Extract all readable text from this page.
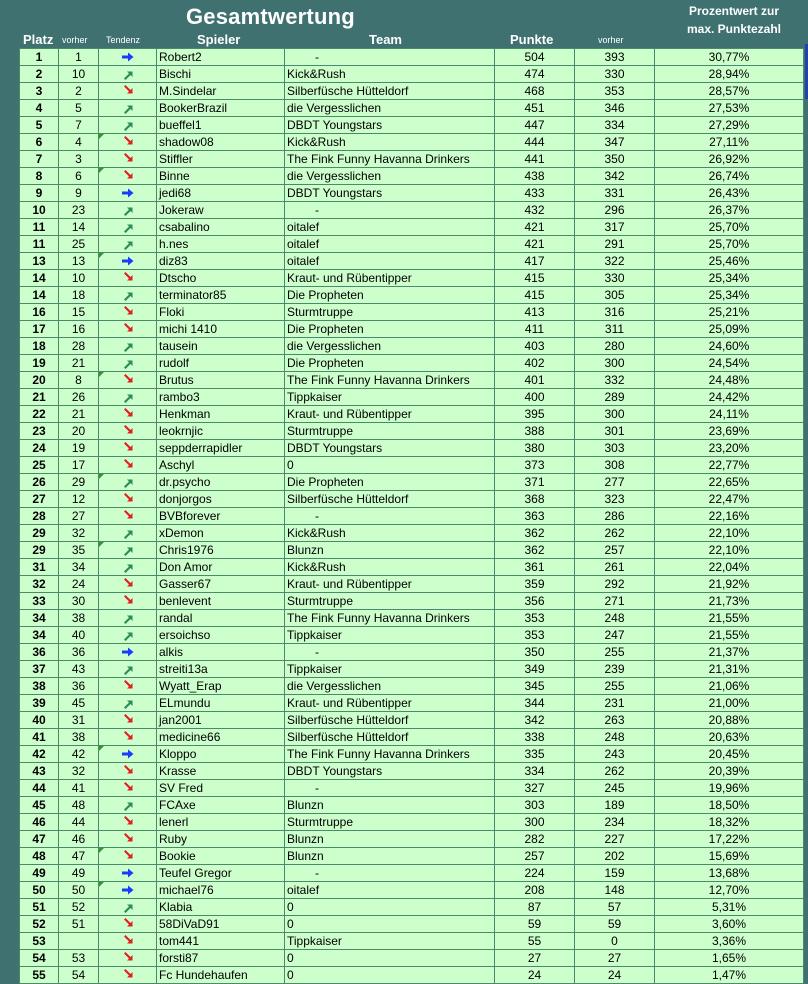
Gesamtwertung	Prozentwert zur
max. Punktezahl
Platz vorher Tendenz	Spieler	Team	Punkte	vorher
1	1		Robert2	-	504	393	30,77%
2	10		Bischi	Kick&Rush	474	330	28,94%
3	2		M.Sindelar	Silberfüsche Hütteldorf	468	353	28,57%
4	5		BookerBrazil	die Vergesslichen	451	346	27,53%
5	7		bueffel1	DBDT Youngstars	447	334	27,29%
6	4		shadow08	Kick&Rush	444	347	27,11%
7	3		Stiffler	The Fink Funny Havanna Drinkers	441	350	26,92%
8	6		Binne	die Vergesslichen	438	342	26,74%
9	9		jedi68	DBDT Youngstars	433	331	26,43%
10	23		Jokeraw	-	432	296	26,37%
11	14		csabalino	oitalef	421	317	25,70%
11	25		h.nes	oitalef	421	291	25,70%
13	13		diz83	oitalef	417	322	25,46%
14	10		Dtscho	Kraut- und Rübentipper	415	330	25,34%
14	18		terminator85	Die Propheten	415	305	25,34%
16	15		Floki	Sturmtruppe	413	316	25,21%
17	16		michi 1410	Die Propheten	411	311	25,09%
18	28		tausein	die Vergesslichen	403	280	24,60%
19	21		rudolf	Die Propheten	402	300	24,54%
20	8		Brutus	The Fink Funny Havanna Drinkers	401	332	24,48%
21	26		rambo3	Tippkaiser	400	289	24,42%
22	21		Henkman	Kraut- und Rübentipper	395	300	24,11%
23	20		leokrnjic	Sturmtruppe	388	301	23,69%
24	19		seppderrapidler	DBDT Youngstars	380	303	23,20%
25	17		Aschyl	0	373	308	22,77%
26	29		dr.psycho	Die Propheten	371	277	22,65%
27	12		donjorgos	Silberfüsche Hütteldorf	368	323	22,47%
28	27		BVBforever	-	363	286	22,16%
29	32		xDemon	Kick&Rush	362	262	22,10%
29	35		Chris1976	Blunzn	362	257	22,10%
31	34		Don Amor	Kick&Rush	361	261	22,04%
32	24		Gasser67	Kraut- und Rübentipper	359	292	21,92%
33	30		benlevent	Sturmtruppe	356	271	21,73%
34	38		randal	The Fink Funny Havanna Drinkers	353	248	21,55%
34	40		ersoichso	Tippkaiser	353	247	21,55%
36	36		alkis	-	350	255	21,37%
37	43		streiti13a	Tippkaiser	349	239	21,31%
38	36		Wyatt_Erap	die Vergesslichen	345	255	21,06%
39	45		ELmundu	Kraut- und Rübentipper	344	231	21,00%
40	31		jan2001	Silberfüsche Hütteldorf	342	263	20,88%
41	38		medicine66	Silberfüsche Hütteldorf	338	248	20,63%
42	42		Kloppo	The Fink Funny Havanna Drinkers	335	243	20,45%
43	32		Krasse	DBDT Youngstars	334	262	20,39%
44	41		SV Fred	-	327	245	19,96%
45	48		FCAxe	Blunzn	303	189	18,50%
46	44		lenerl	Sturmtruppe	300	234	18,32%
47	46		Ruby	Blunzn	282	227	17,22%
48	47		Bookie	Blunzn	257	202	15,69%
49	49		Teufel Gregor	-	224	159	13,68%
50	50		michael76	oitalef	208	148	12,70%
51	52		Klabia	0	87	57	5,31%
52	51		58DiVaD91	0	59	59	3,60%
53			tom441	Tippkaiser	55	0	3,36%
54	53		forsti87	0	27	27	1,65%
55	54		Fc Hundehaufen	0	24	24	1,47%
